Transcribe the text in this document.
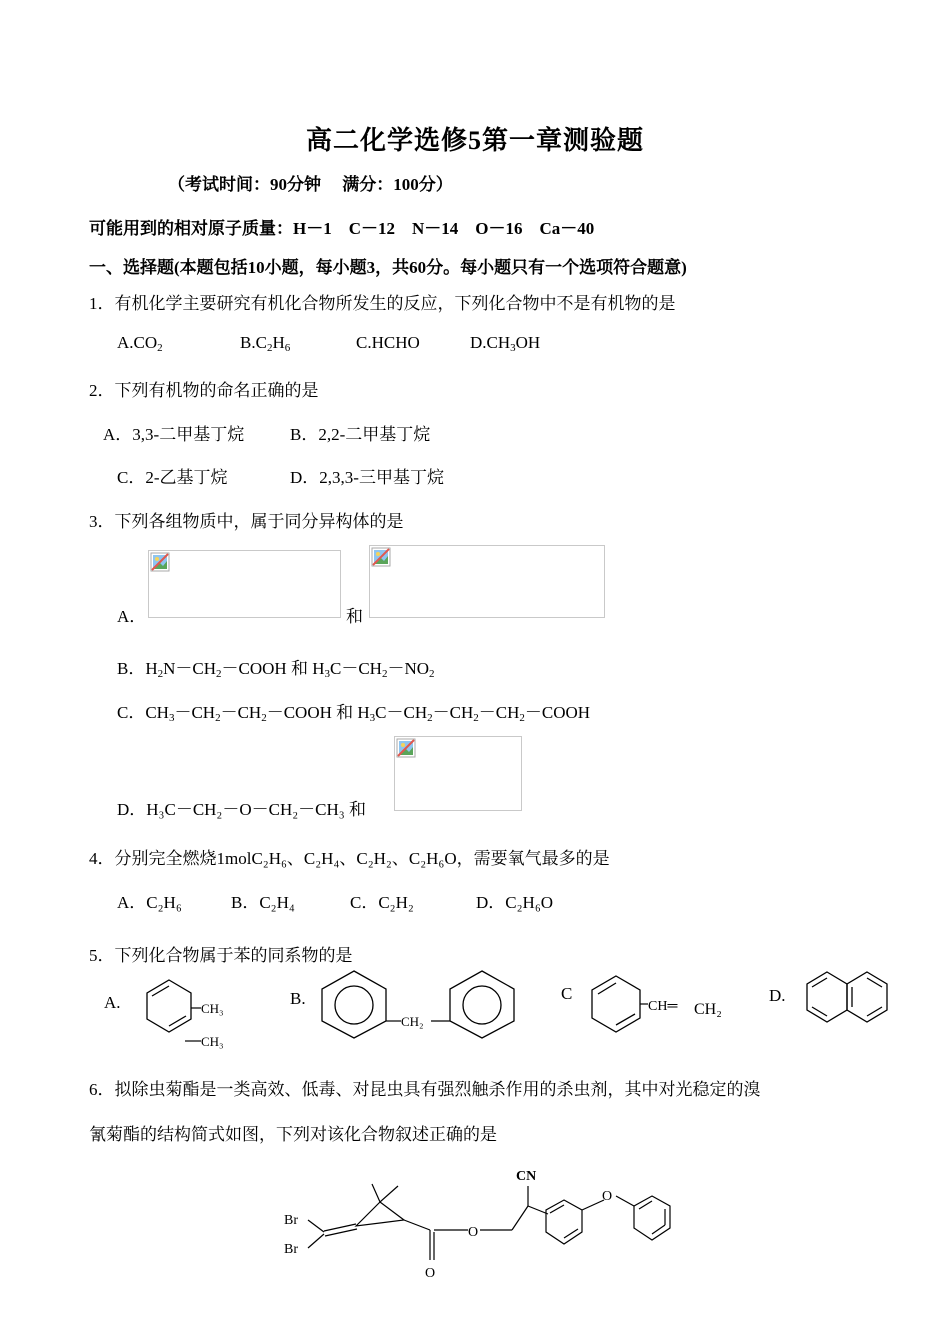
高二化学选修5第一章测验题
（考试时间：90分钟　 满分：100分）
可能用到的相对原子质量：H－1　C－12　N－14　O－16　Ca－40
一、选择题(本题包括10小题，每小题3，共60分。每小题只有一个选项符合题意)
1．有机化学主要研究有机化合物所发生的反应，下列化合物中不是有机物的是
$A.CO_2$	$B.C_2H_6$	C.HCHO	$D.CH_3OH$
2．下列有机物的命名正确的是
A．3,3-二甲基丁烷	B．2,2-二甲基丁烷
C．2-乙基丁烷	D．2,3,3-三甲基丁烷
3．下列各组物质中，属于同分异构体的是
A．	和
B．$H_2N-CH_2-COOH$ 和 $H_3C-CH_2-NO_2$
C．$CH_3-CH_2-CH_2-COOH$ 和 $H_3C-CH_2-CH_2-CH_2-COOH$
D．H₃C－CH₂－O－CH₂－CH₃ 和
4．分别完全燃烧1molC₂H₆、C₂H₄、C₂H₂、C₂H₆O，需要氧气最多的是
A．C₂H₆	B．C₂H₄	C．C₂H₂	D．C₂H₆O
5．下列化合物属于苯的同系物的是
A.	B.	C	D.
CH₃
CH₃
CH₂
CH═ CH₂
6．拟除虫菊酯是一类高效、低毒、对昆虫具有强烈触杀作用的杀虫剂，其中对光稳定的溴
氰菊酯的结构简式如图，下列对该化合物叙述正确的是
Br
Br
O
O
CN
O
